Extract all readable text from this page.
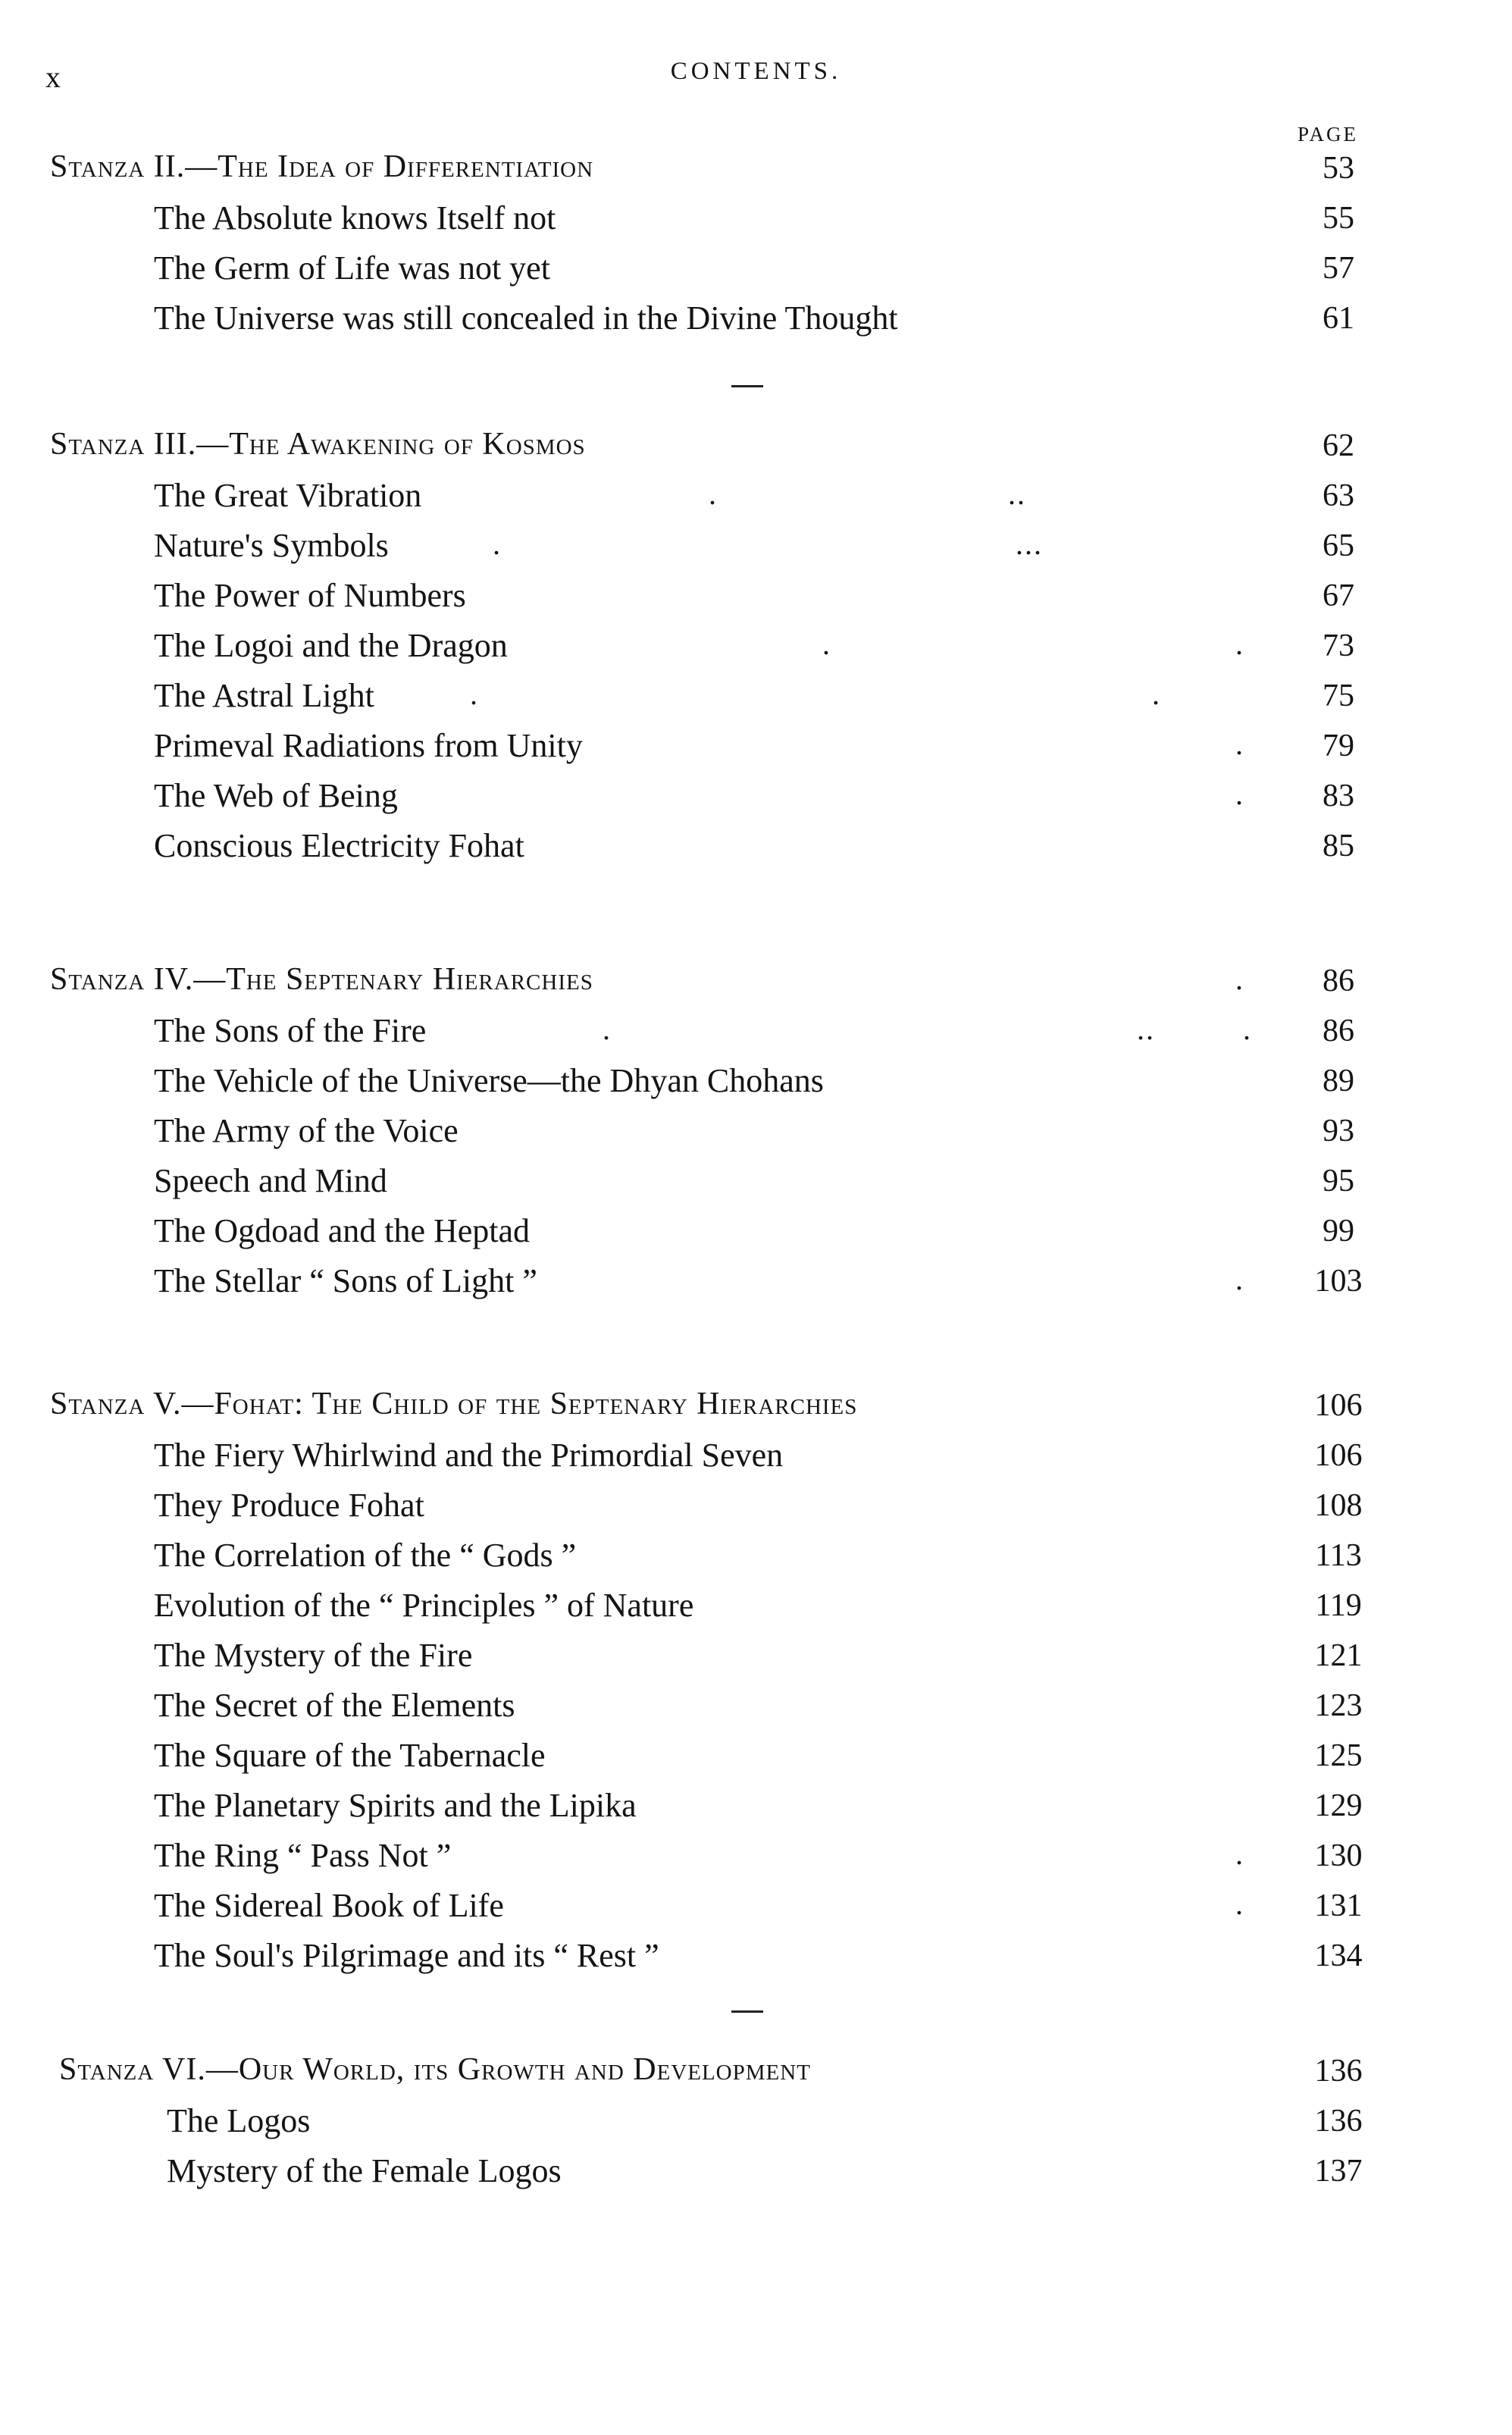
x	CONTENTS.
PAGE
Stanza II.—The Idea of Differentiation	53
The Absolute knows Itself not	55
The Germ of Life was not yet	57
The Universe was still concealed in the Divine Thought	61
Stanza III.—The Awakening of Kosmos	62
The Great Vibration	.	..	63
Nature's Symbols	.	...	65
The Power of Numbers	67
The Logoi and the Dragon	.	.	73
The Astral Light	.	.	75
Primeval Radiations from Unity	.	79
The Web of Being	.	83
Conscious Electricity Fohat	85
Stanza IV.—The Septenary Hierarchies	.	86
The Sons of the Fire	.	..	.	86
The Vehicle of the Universe—the Dhyan Chohans	89
The Army of the Voice	93
Speech and Mind	95
The Ogdoad and the Heptad	99
The Stellar “ Sons of Light ”	.	103
Stanza V.—Fohat: The Child of the Septenary Hierarchies	106
The Fiery Whirlwind and the Primordial Seven	106
They Produce Fohat	108
The Correlation of the “ Gods ”	113
Evolution of the “ Principles ” of Nature	119
The Mystery of the Fire	121
The Secret of the Elements	123
The Square of the Tabernacle	125
The Planetary Spirits and the Lipika	129
The Ring “ Pass Not ”	.	130
The Sidereal Book of Life	.	131
The Soul's Pilgrimage and its “ Rest ”	134
Stanza VI.—Our World, its Growth and Development	136
The Logos	136
Mystery of the Female Logos	137
